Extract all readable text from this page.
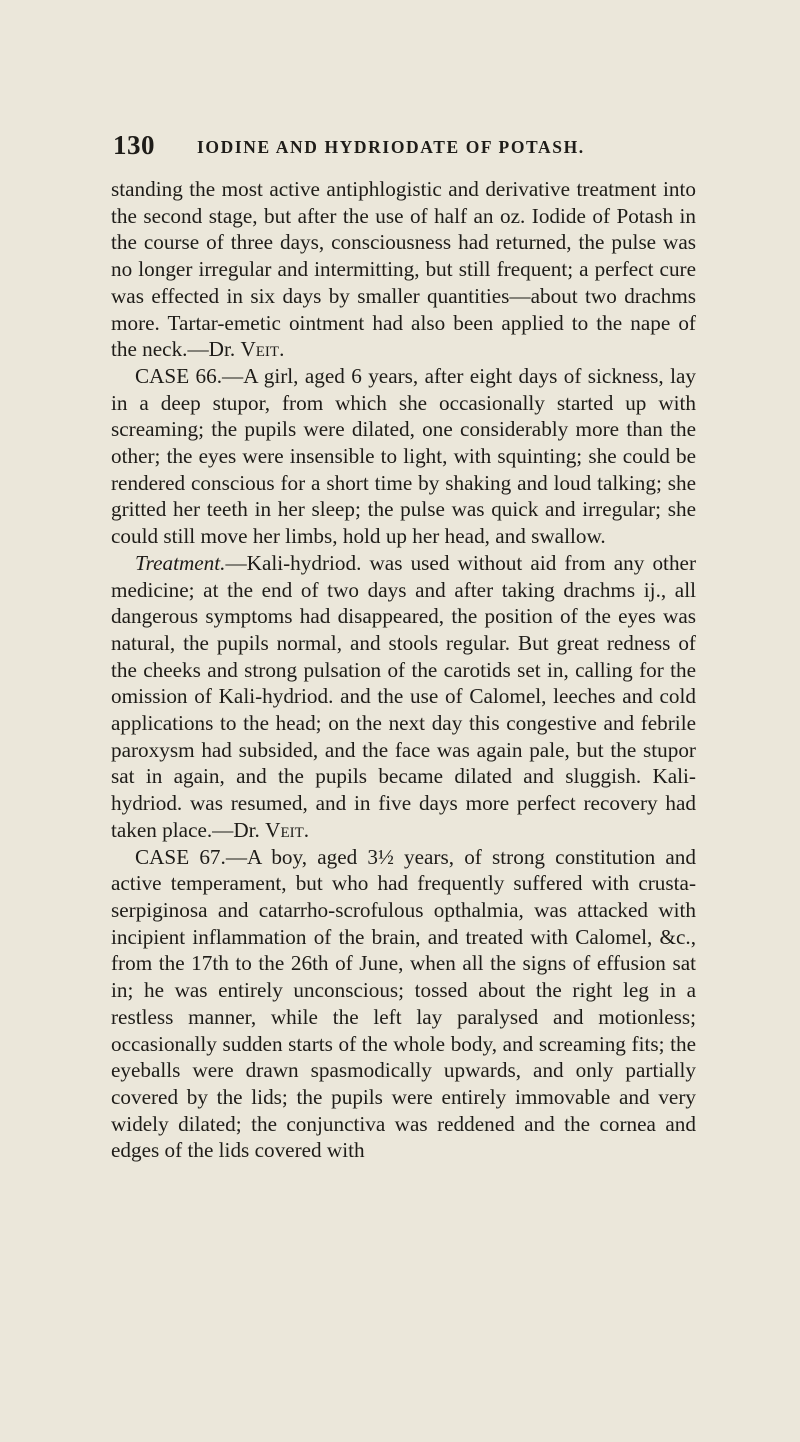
130 IODINE AND HYDRIODATE OF POTASH.

standing the most active antiphlogistic and derivative treatment into the second stage, but after the use of half an oz. Iodide of Potash in the course of three days, consciousness had returned, the pulse was no longer irregular and intermitting, but still frequent; a perfect cure was effected in six days by smaller quantities—about two drachms more. Tartar-emetic ointment had also been applied to the nape of the neck.—Dr. Veit.

CASE 66.—A girl, aged 6 years, after eight days of sickness, lay in a deep stupor, from which she occasionally started up with screaming; the pupils were dilated, one considerably more than the other; the eyes were insensible to light, with squinting; she could be rendered conscious for a short time by shaking and loud talking; she gritted her teeth in her sleep; the pulse was quick and irregular; she could still move her limbs, hold up her head, and swallow.

Treatment.—Kali-hydriod. was used without aid from any other medicine; at the end of two days and after taking drachms ij., all dangerous symptoms had disappeared, the position of the eyes was natural, the pupils normal, and stools regular. But great redness of the cheeks and strong pulsation of the carotids set in, calling for the omission of Kali-hydriod. and the use of Calomel, leeches and cold applications to the head; on the next day this congestive and febrile paroxysm had subsided, and the face was again pale, but the stupor sat in again, and the pupils became dilated and sluggish. Kali-hydriod. was resumed, and in five days more perfect recovery had taken place.—Dr. Veit.

CASE 67.—A boy, aged 3½ years, of strong constitution and active temperament, but who had frequently suffered with crusta-serpiginosa and catarrho-scrofulous opthalmia, was attacked with incipient inflammation of the brain, and treated with Calomel, &c., from the 17th to the 26th of June, when all the signs of effusion sat in; he was entirely unconscious; tossed about the right leg in a restless manner, while the left lay paralysed and motionless; occasionally sudden starts of the whole body, and screaming fits; the eyeballs were drawn spasmodically upwards, and only partially covered by the lids; the pupils were entirely immovable and very widely dilated; the conjunctiva was reddened and the cornea and edges of the lids covered with
